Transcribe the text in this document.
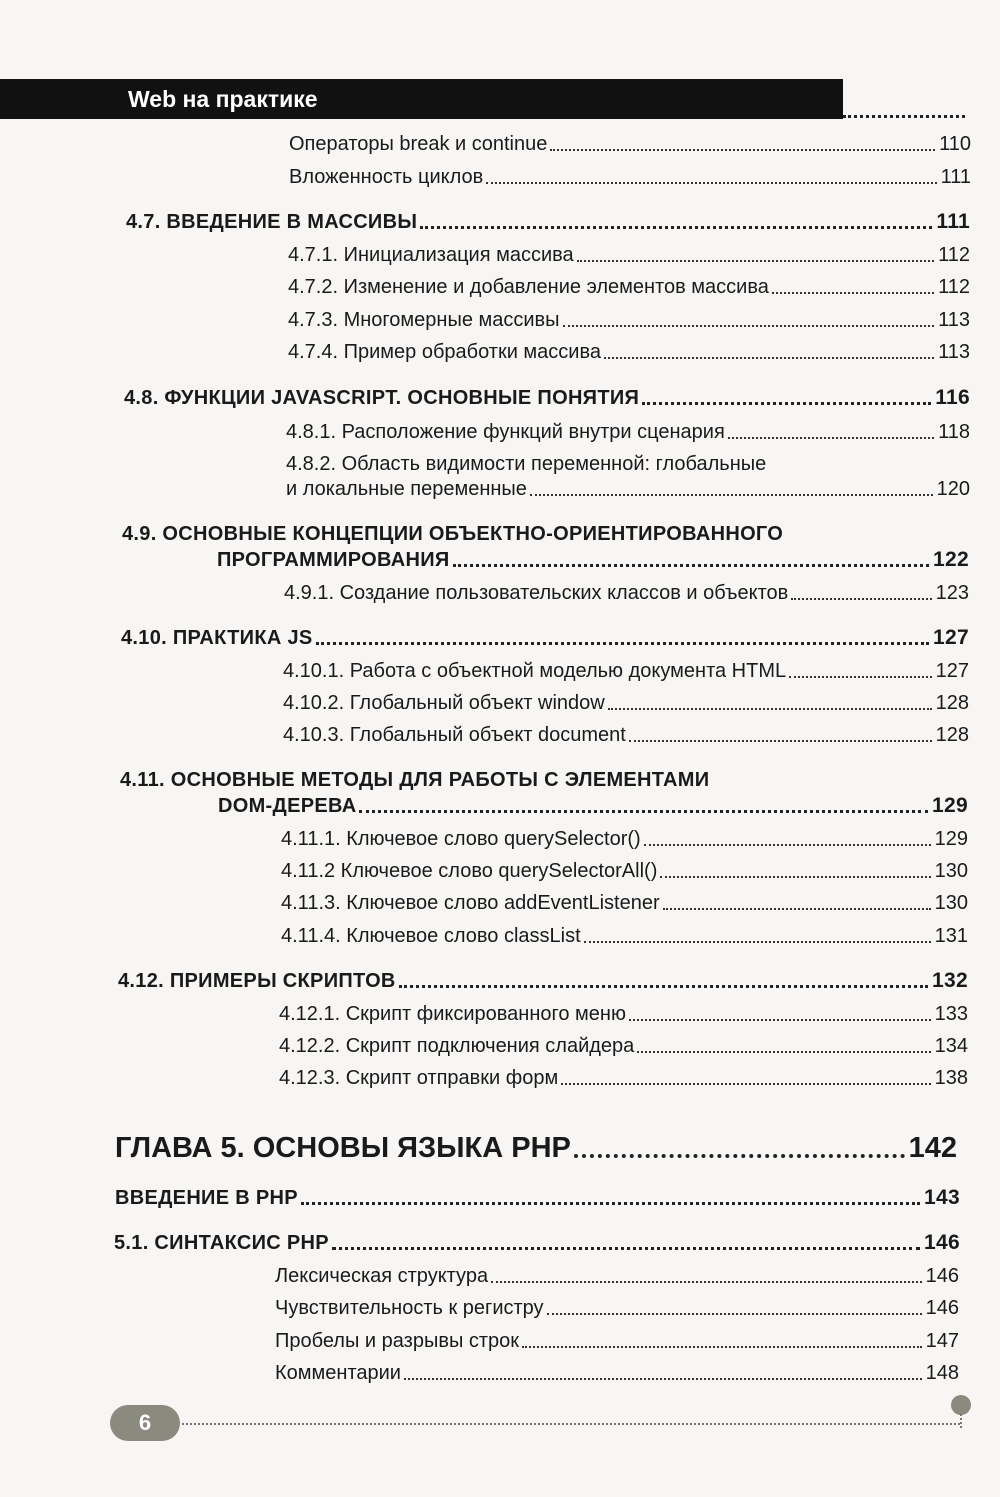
Web на практике
Операторы break и continue	110
Вложенность циклов	111
4.7. ВВЕДЕНИЕ В МАССИВЫ	111
4.7.1. Инициализация массива	112
4.7.2. Изменение и добавление элементов массива	112
4.7.3. Многомерные массивы	113
4.7.4. Пример обработки массива	113
4.8. ФУНКЦИИ JAVASCRIPT. ОСНОВНЫЕ ПОНЯТИЯ	116
4.8.1. Расположение функций внутри сценария	118
4.8.2. Область видимости переменной: глобальные
и локальные переменные	120
4.9. ОСНОВНЫЕ КОНЦЕПЦИИ ОБЪЕКТНО-ОРИЕНТИРОВАННОГО
ПРОГРАММИРОВАНИЯ	122
4.9.1. Создание пользовательских классов и объектов	123
4.10. ПРАКТИКА JS	127
4.10.1. Работа с объектной моделью документа HTML	127
4.10.2. Глобальный объект window	128
4.10.3. Глобальный объект document	128
4.11. ОСНОВНЫЕ МЕТОДЫ ДЛЯ РАБОТЫ С ЭЛЕМЕНТАМИ
DOM-ДЕРЕВА	129
4.11.1. Ключевое слово querySelector()	129
4.11.2 Ключевое слово querySelectorAll()	130
4.11.3. Ключевое слово addEventListener	130
4.11.4. Ключевое слово classList	131
4.12. ПРИМЕРЫ СКРИПТОВ	132
4.12.1. Скрипт фиксированного меню	133
4.12.2. Скрипт подключения слайдера	134
4.12.3. Скрипт отправки форм	138
ГЛАВА 5. ОСНОВЫ ЯЗЫКА PHP	142
ВВЕДЕНИЕ В PHP	143
5.1. СИНТАКСИС PHP	146
Лексическая структура	146
Чувствительность к регистру	146
Пробелы и разрывы строк	147
Комментарии	148
6
